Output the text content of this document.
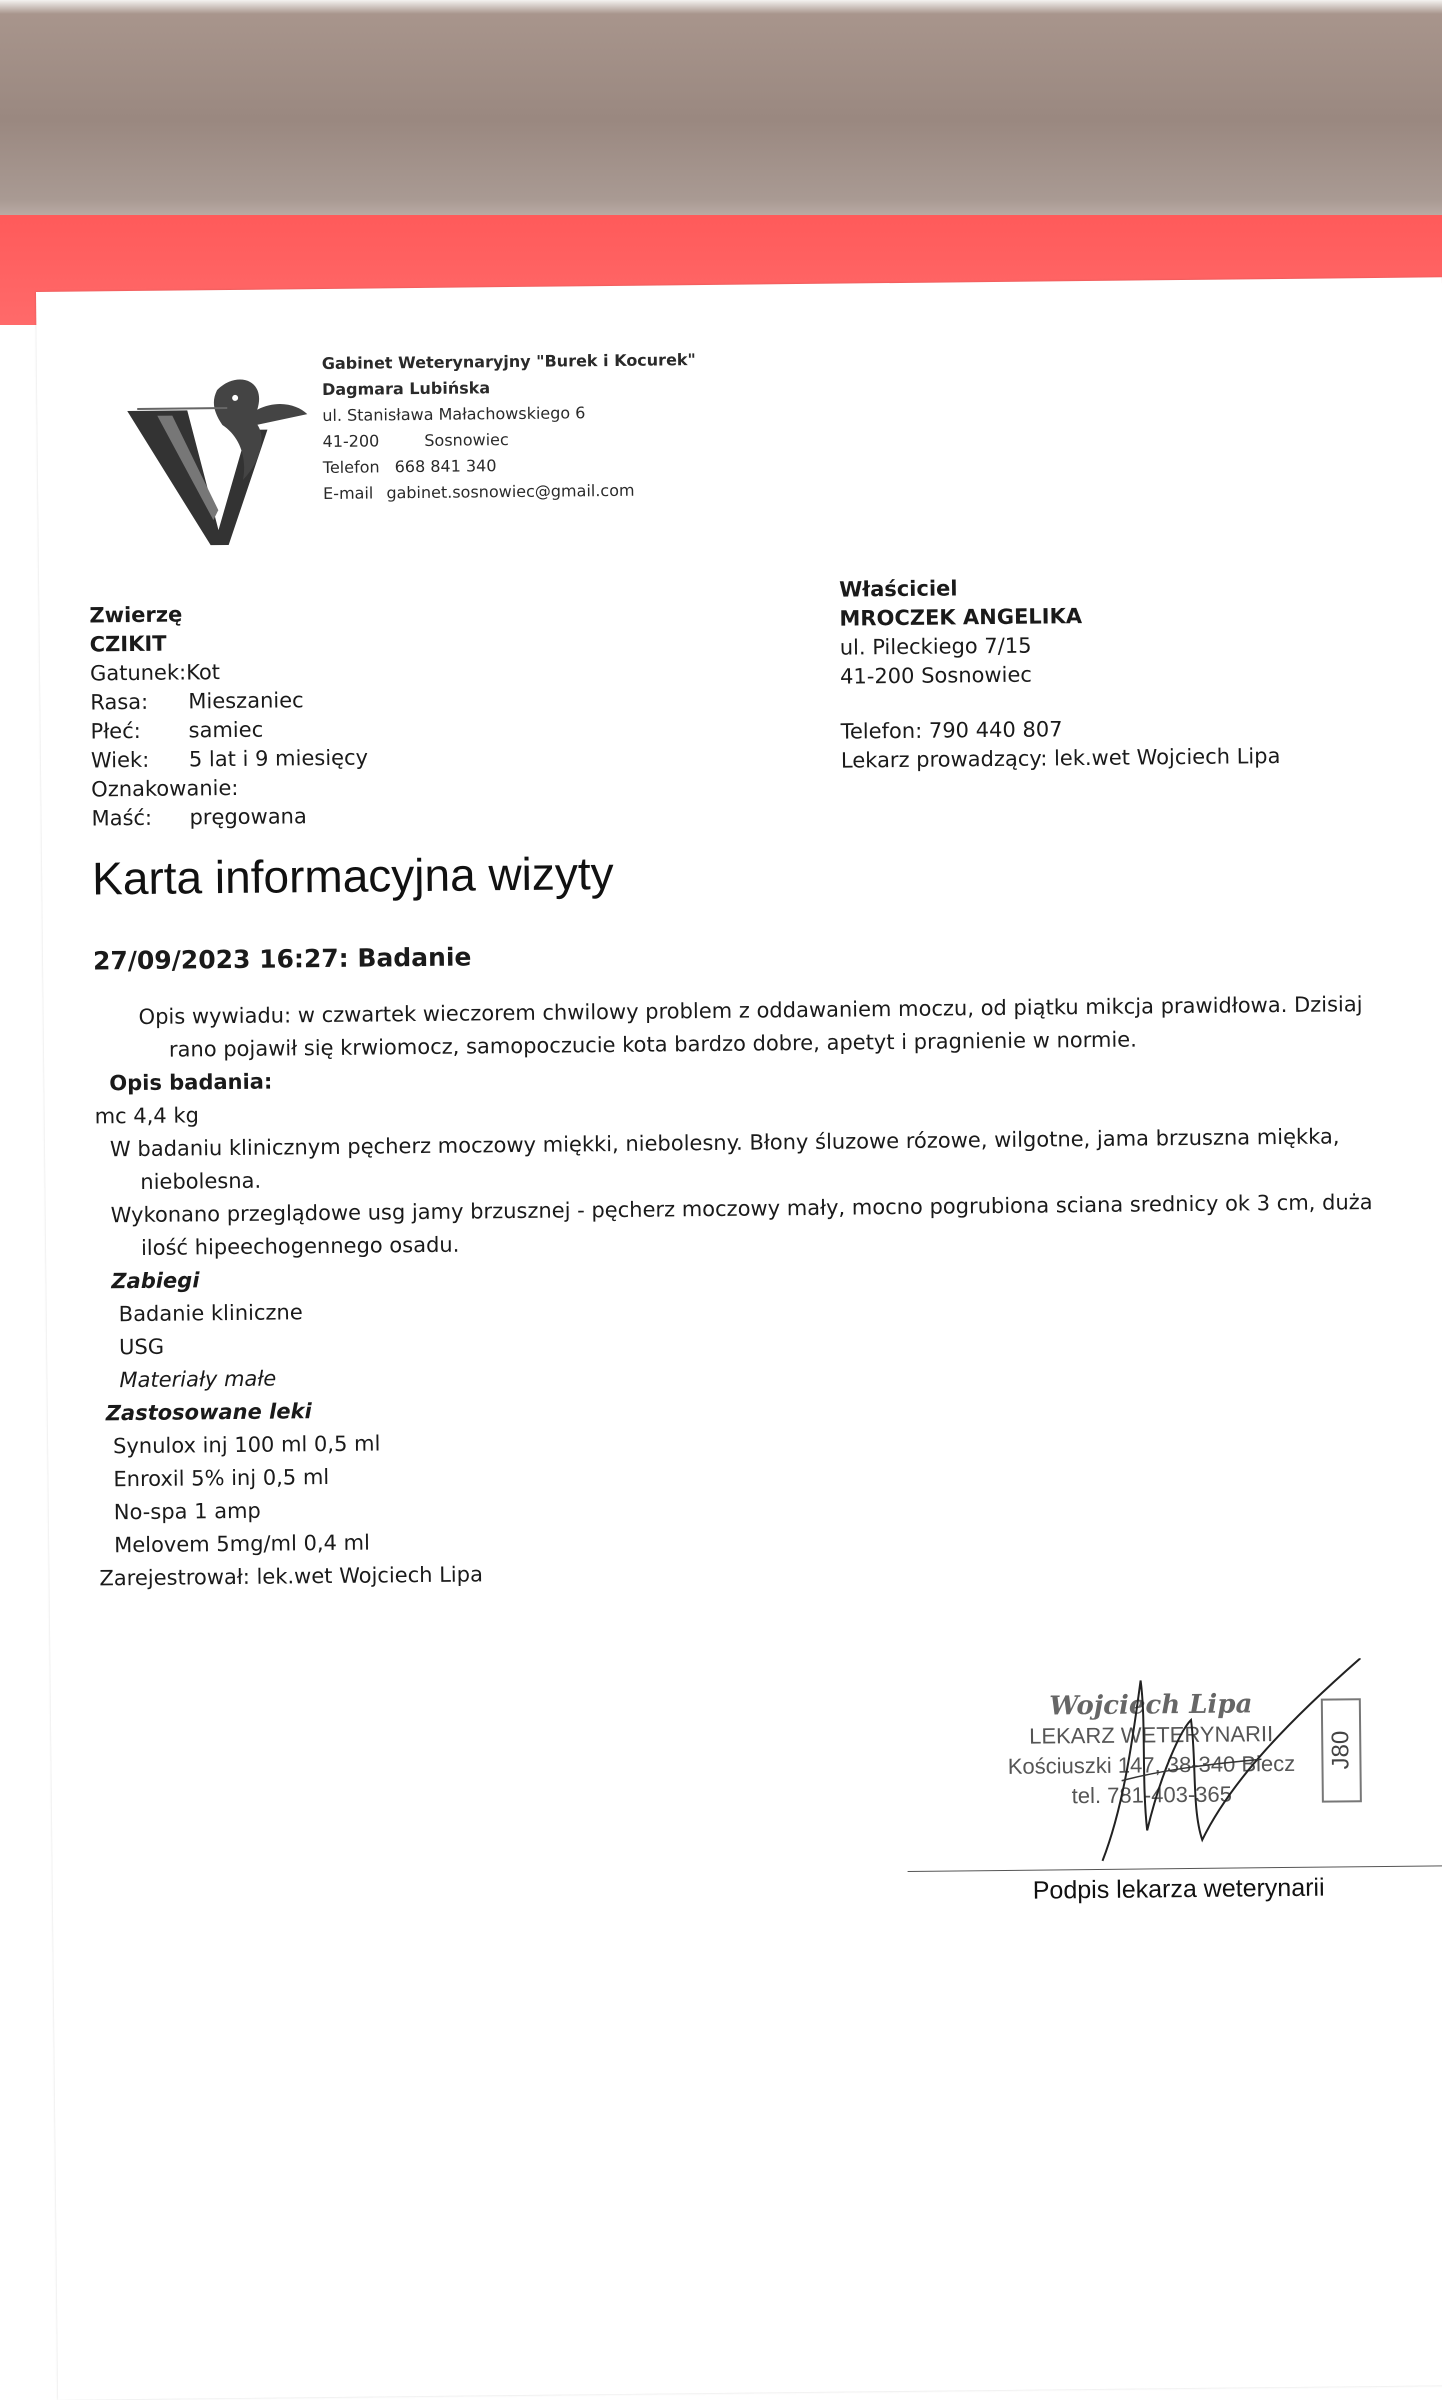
Gabinet Weterynaryjny "Burek i Kocurek"
Dagmara Lubińska
ul. Stanisława Małachowskiego 6
41-200	Sosnowiec
Telefon 668 841 340
E-mail gabinet.sosnowiec@gmail.com
Zwierzę
CZIKIT
Gatunek:Kot
Rasa: Mieszaniec
Płeć: samiec
Wiek: 5 lat i 9 miesięcy
Oznakowanie:
Maść: pręgowana
Właściciel
MROCZEK ANGELIKA
ul. Pileckiego 7/15
41-200 Sosnowiec
Telefon: 790 440 807
Lekarz prowadzący: lek.wet Wojciech Lipa
Karta informacyjna wizyty
27/09/2023 16:27: Badanie

Opis wywiadu: w czwartek wieczorem chwilowy problem z oddawaniem moczu, od piątku mikcja prawidłowa. Dzisiaj rano pojawił się krwiomocz, samopoczucie kota bardzo dobre, apetyt i pragnienie w normie.

Opis badania:

mc 4,4 kg

W badaniu klinicznym pęcherz moczowy miękki, niebolesny. Błony śluzowe rózowe, wilgotne, jama brzuszna miękka, niebolesna.

Wykonano przeglądowe usg jamy brzusznej - pęcherz moczowy mały, mocno pogrubiona sciana srednicy ok 3 cm, duża ilość hipeechogennego osadu.

Zabiegi

Badanie kliniczne

USG

Materiały małe

Zastosowane leki

Synulox inj 100 ml 0,5 ml

Enroxil 5% inj 0,5 ml

No-spa 1 amp

Melovem 5mg/ml 0,4 ml

Zarejestrował: lek.wet Wojciech Lipa

Wojciech Lipa
LEKARZ WETERYNARII
Kościuszki 147, 38-340 Biecz
tel. 781-403-365
J80
Podpis lekarza weterynarii
